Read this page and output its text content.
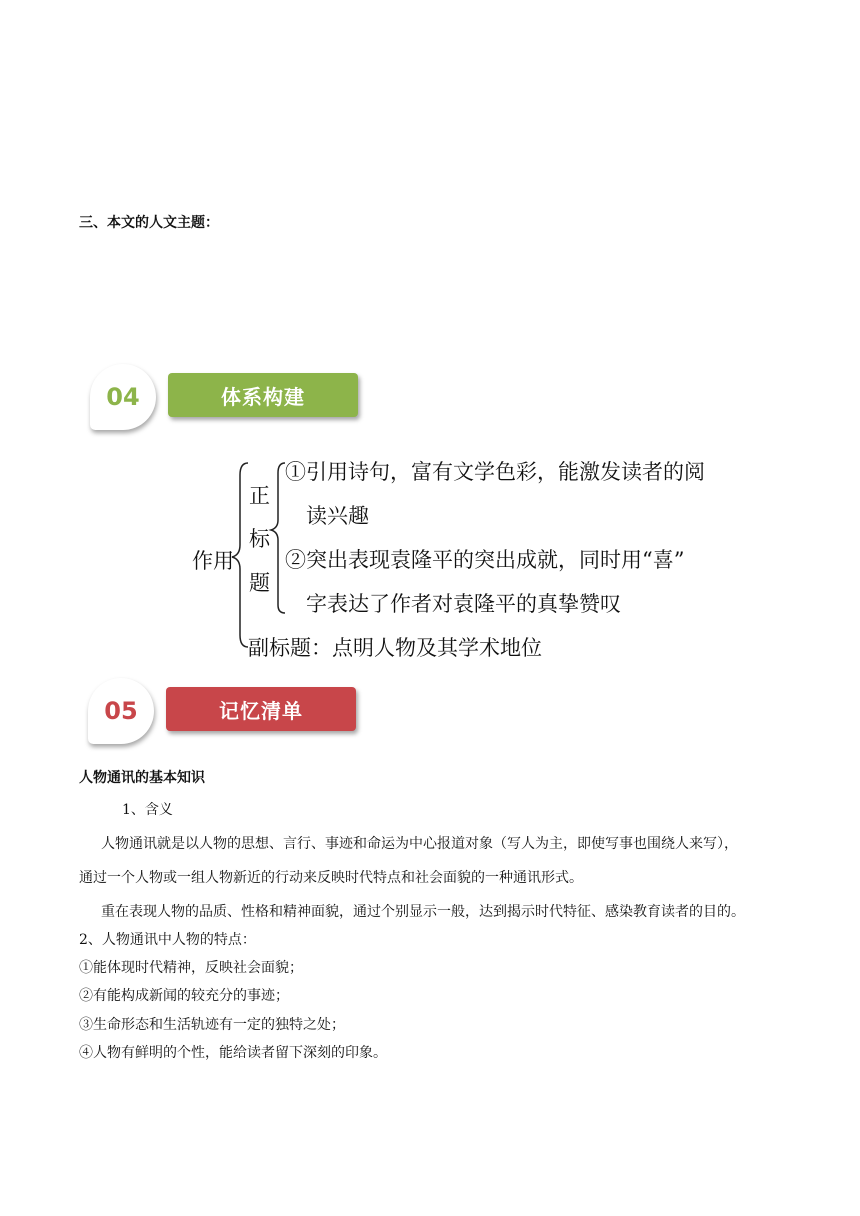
三、本文的人文主题：
体系构建
04
作用
正
标
题
①引用诗句，富有文学色彩，能激发读者的阅
读兴趣
②突出表现袁隆平的突出成就，同时用“喜”
字表达了作者对袁隆平的真挚赞叹
副标题：点明人物及其学术地位
记忆清单
05
人物通讯的基本知识
1、含义
人物通讯就是以人物的思想、言行、事迹和命运为中心报道对象（写人为主，即使写事也围绕人来写），
通过一个人物或一组人物新近的行动来反映时代特点和社会面貌的一种通讯形式。
重在表现人物的品质、性格和精神面貌，通过个别显示一般，达到揭示时代特征、感染教育读者的目的。
2、人物通讯中人物的特点：
①能体现时代精神，反映社会面貌；
②有能构成新闻的较充分的事迹；
③生命形态和生活轨迹有一定的独特之处；
④人物有鲜明的个性，能给读者留下深刻的印象。
